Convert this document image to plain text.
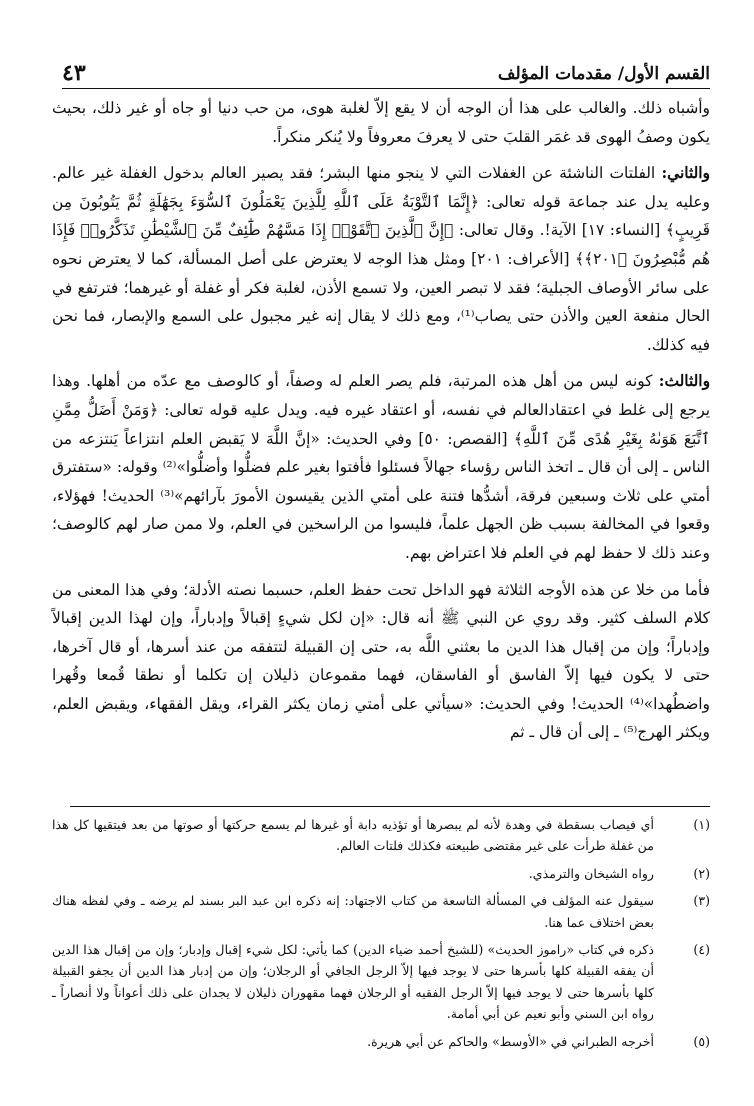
القسم الأول/ مقدمات المؤلف
٤٣

وأشباه ذلك. والغالب على هذا أن الوجه أن لا يقع إلاّ لغلبة هوى، من حب دنيا أو جاه أو غير ذلك، بحيث يكون وصفُ الهوى قد غمَر القلبَ حتى لا يعرفَ معروفاً ولا يُنكر منكراً.

والثاني: الفلتات الناشئة عن الغفلات التي لا ينجو منها البشر؛ فقد يصير العالم بدخول الغفلة غير عالم. وعليه يدل عند جماعة قوله تعالى: ﴿إِنَّمَا ٱلتَّوْبَةُ عَلَى ٱللَّهِ لِلَّذِينَ يَعْمَلُونَ ٱلسُّوٓءَ بِجَهَٰلَةٍ ثُمَّ يَتُوبُونَ مِن قَرِيبٍ﴾ [النساء: ١٧] الآية!. وقال تعالى: ﴿إِنَّ ٱلَّذِينَ ٱتَّقَوْا۟ إِذَا مَسَّهُمْ طَٰٓئِفٌ مِّنَ ٱلشَّيْطَٰنِ تَذَكَّرُوا۟ فَإِذَا هُم مُّبْصِرُونَ ﴿٢٠١﴾﴾ [الأعراف: ٢٠١] ومثل هذا الوجه لا يعترض على أصل المسألة، كما لا يعترض نحوه على سائر الأوصاف الجبلية؛ فقد لا تبصر العين، ولا تسمع الأذن، لغلبة فكر أو غفلة أو غيرهما؛ فترتفع في الحال منفعة العين والأذن حتى يصاب⁽¹⁾، ومع ذلك لا يقال إنه غير مجبول على السمع والإبصار، فما نحن فيه كذلك.

والثالث: كونه ليس من أهل هذه المرتبة، فلم يصر العلم له وصفاً، أو كالوصف مع عدّه من أهلها. وهذا يرجع إلى غلط في اعتقادالعالم في نفسه، أو اعتقاد غيره فيه. ويدل عليه قوله تعالى: ﴿وَمَنْ أَضَلُّ مِمَّنِ ٱتَّبَعَ هَوَىٰهُ بِغَيْرِ هُدًى مِّنَ ٱللَّهِ﴾ [القصص: ٥٠] وفي الحديث: «إنَّ اللَّهَ لا يَقبض العلم انتزاعاً يَنتزعه من الناس ـ إلى أن قال ـ اتخذ الناس رؤساء جهالاً فسئلوا فأفتوا بغير علم فضلُّوا وأضلُّوا»⁽²⁾ وقوله: «ستفترق أمتي على ثلاث وسبعين فرقة، أشدُّها فتنة على أمتي الذين يقيسون الأمورَ بآرائهم»⁽³⁾ الحديث! فهؤلاء، وقعوا في المخالفة بسبب ظن الجهل علماً، فليسوا من الراسخين في العلم، ولا ممن صار لهم كالوصف؛ وعند ذلك لا حفظ لهم في العلم فلا اعتراض بهم.

فأما من خلا عن هذه الأوجه الثلاثة فهو الداخل تحت حفظ العلم، حسبما نصته الأدلة؛ وفي هذا المعنى من كلام السلف كثير. وقد روي عن النبي ﷺ أنه قال: «إن لكل شيءٍ إقبالاً وإدباراً، وإن لهذا الدين إقبالاً وإدباراً؛ وإن من إقبال هذا الدين ما بعثني اللَّه به، حتى إن القبيلة لتتفقه من عند أسرها، أو قال آخرها، حتى لا يكون فيها إلاّ الفاسق أو الفاسقان، فهما مقموعان ذليلان إن تكلما أو نطقا قُمعا وقُهرا واضطُهدا»⁽⁴⁾ الحديث! وفي الحديث: «سيأتي على أمتي زمان يكثر القراء، ويقل الفقهاء، ويقبض العلم، ويكثر الهرج⁽⁵⁾ ـ إلى أن قال ـ ثم

(١)
أي فيصاب بسقطة في وهدة لأنه لم يبصرها أو تؤذيه دابة أو غيرها لم يسمع حركتها أو صوتها من بعد فيتقيها كل هذا من غفلة طرأت على غير مقتضى طبيعته فكذلك فلتات العالم.
(٢)
رواه الشيخان والترمذي.
(٣)
سيقول عنه المؤلف في المسألة التاسعة من كتاب الاجتهاد: إنه ذكره ابن عبد البر بسند لم يرضه ـ وفي لفظه هناك بعض اختلاف عما هنا.
(٤)
ذكره في كتاب «راموز الحديث» (للشيخ أحمد ضياء الدين) كما يأتي: لكل شيء إقبال وإدبار؛ وإن من إقبال هذا الدين أن يفقه القبيلة كلها بأسرها حتى لا يوجد فيها إلاّ الرجل الجافي أو الرجلان؛ وإن من إدبار هذا الدين أن يجفو القبيلة كلها بأسرها حتى لا يوجد فيها إلاّ الرجل الفقيه أو الرجلان فهما مقهوران ذليلان لا يجدان على ذلك أعواناً ولا أنصاراً ـ رواه ابن السني وأبو نعيم عن أبي أمامة.
(٥)
أخرجه الطبراني في «الأوسط» والحاكم عن أبي هريرة.
